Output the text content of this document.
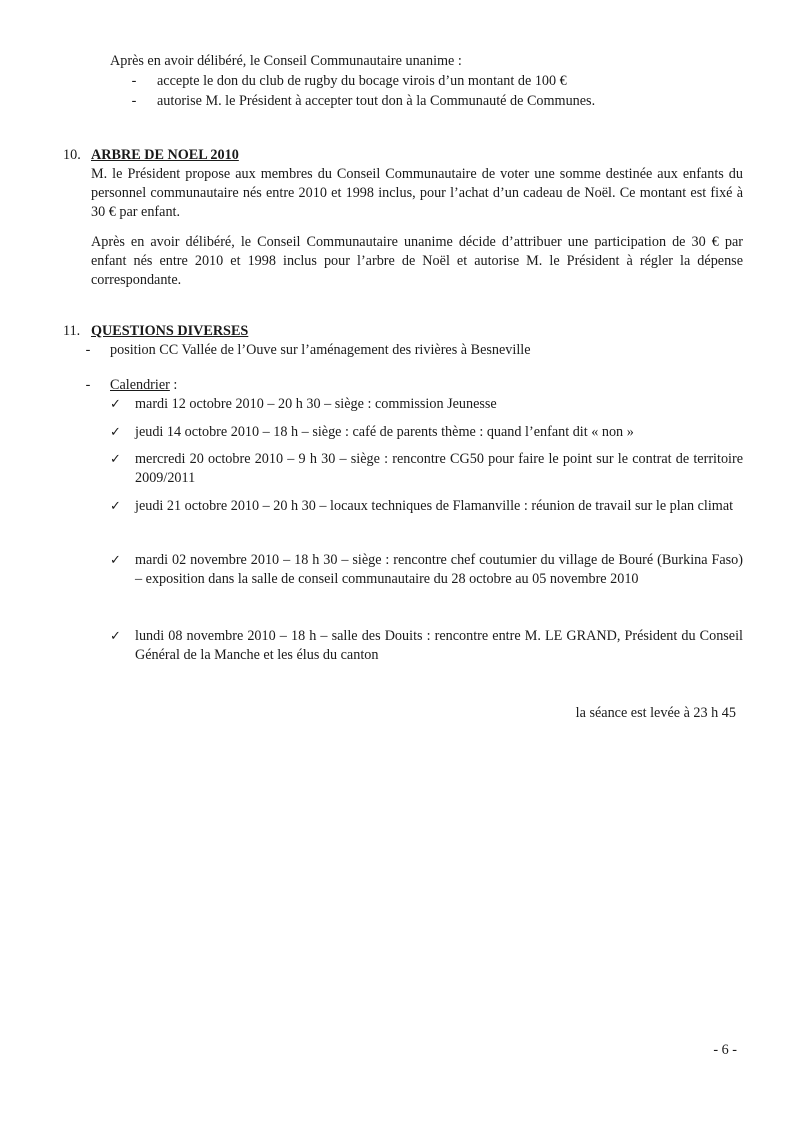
Après en avoir délibéré, le Conseil Communautaire unanime :
- accepte le don du club de rugby du bocage virois d’un montant de 100 €
- autorise M. le Président à accepter tout don à la Communauté de Communes.
10. ARBRE DE NOEL 2010
M. le Président propose aux membres du Conseil Communautaire de voter une somme destinée aux enfants du personnel communautaire nés entre 2010 et 1998 inclus, pour l’achat d’un cadeau de Noël. Ce montant est fixé à 30 € par enfant.
Après en avoir délibéré, le Conseil Communautaire unanime décide d’attribuer une participation de 30 € par enfant nés entre 2010 et 1998 inclus pour l’arbre de Noël et autorise M. le Président à régler la dépense correspondante.
11. QUESTIONS DIVERSES
- position CC Vallée de l’Ouve sur l’aménagement des rivières à Besneville
- Calendrier :
✓ mardi 12 octobre 2010 – 20 h 30 – siège : commission Jeunesse
✓ jeudi 14 octobre 2010 – 18 h – siège : café de parents thème : quand l’enfant dit « non »
✓ mercredi 20 octobre 2010 – 9 h 30 – siège : rencontre CG50 pour faire le point sur le contrat de territoire 2009/2011
✓ jeudi 21 octobre 2010 – 20 h 30 – locaux techniques de Flamanville : réunion de travail sur le plan climat
✓ mardi 02 novembre 2010 – 18 h 30 – siège : rencontre chef coutumier du village de Bouré (Burkina Faso) – exposition dans la salle de conseil communautaire du 28 octobre au 05 novembre 2010
✓ lundi 08 novembre 2010 – 18 h – salle des Douits : rencontre entre M. LE GRAND, Président du Conseil Général de la Manche et les élus du canton
la séance est levée à 23 h 45
- 6 -
